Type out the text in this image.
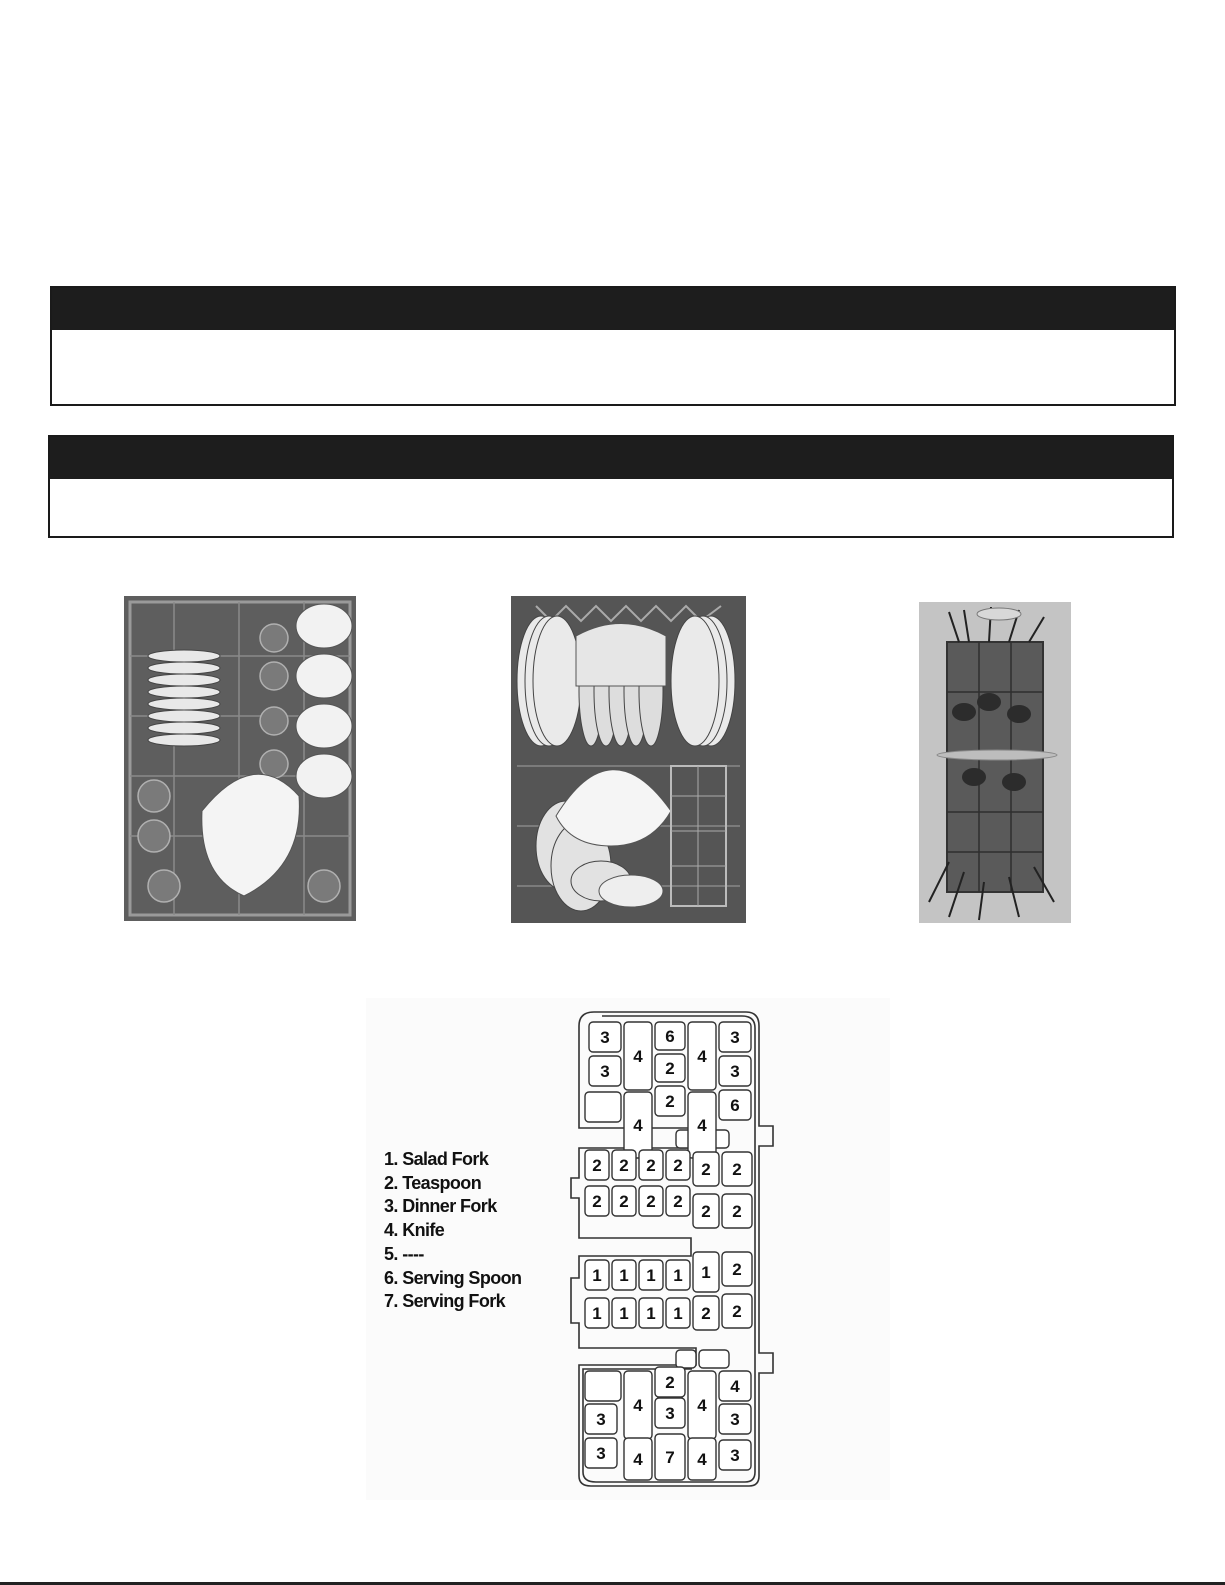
3
4
6
4
3
3	2	3
4
2
4
6
2 2 2 2 2 2
2 2 2 2
2 2
1 1 1 1 1 2
1 1 1 1 2 2
4
2
4
4
3	3	3
3 4 7 4 3
1. Salad Fork
2. Teaspoon
3. Dinner Fork
4. Knife
5. ----
6. Serving Spoon
7. Serving Fork
